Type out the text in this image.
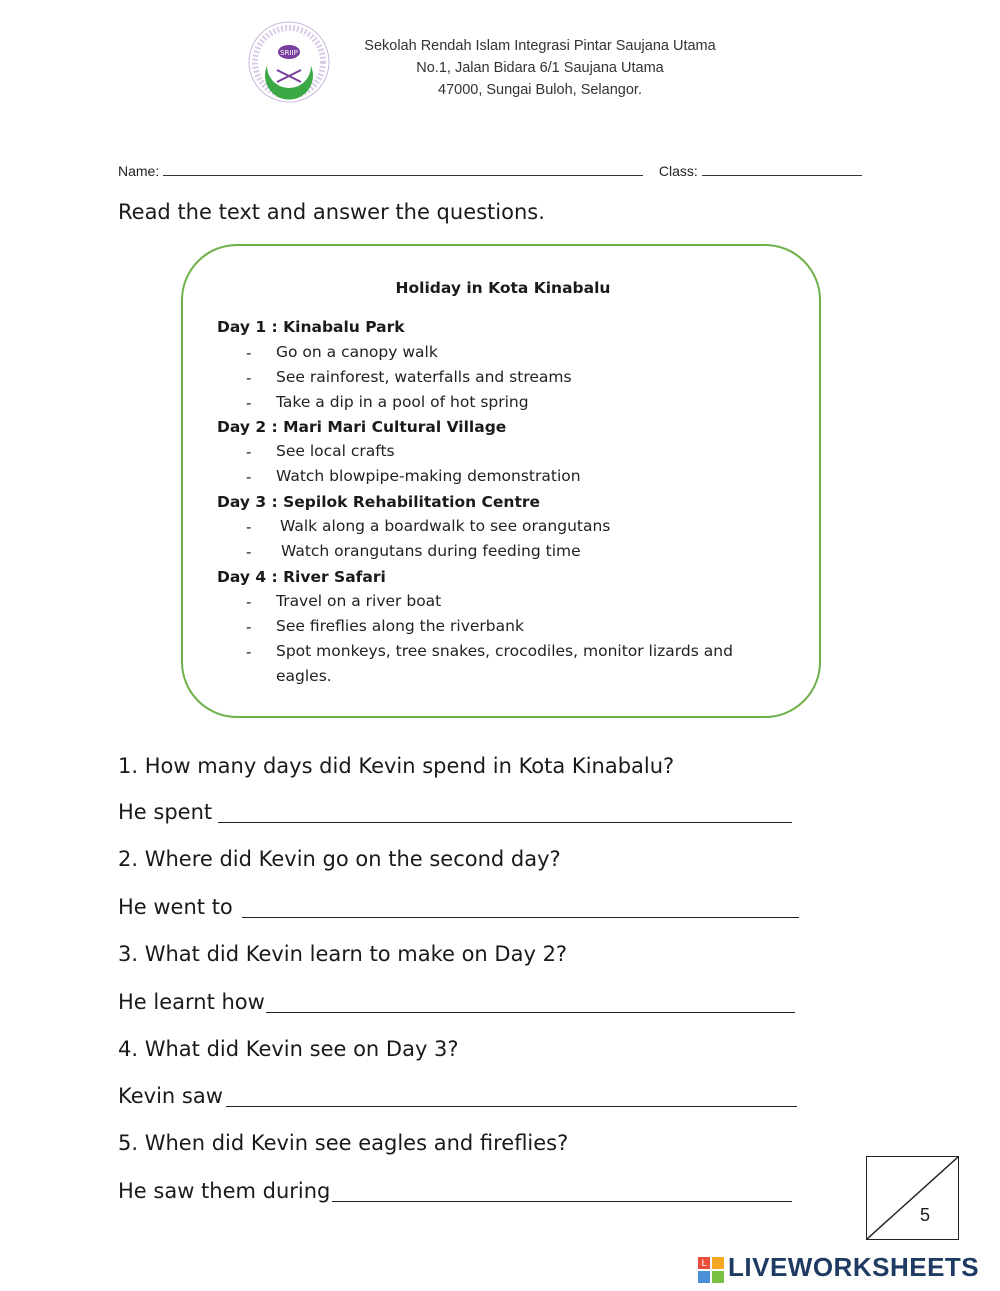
SRIIP	Sekolah Rendah Islam Integrasi Pintar Saujana Utama
No.1, Jalan Bidara 6/1 Saujana Utama
47000, Sungai Buloh, Selangor.
Name:	Class:
Read the text and answer the questions.
Holiday in Kota Kinabalu
Day 1 : Kinabalu Park
- Go on a canopy walk
- See rainforest, waterfalls and streams
- Take a dip in a pool of hot spring
Day 2 : Mari Mari Cultural Village
- See local crafts
- Watch blowpipe-making demonstration
Day 3 : Sepilok Rehabilitation Centre
- Walk along a boardwalk to see orangutans
- Watch orangutans during feeding time
Day 4 : River Safari
- Travel on a river boat
- See fireflies along the riverbank
- Spot monkeys, tree snakes, crocodiles, monitor lizards and
eagles.
1. How many days did Kevin spend in Kota Kinabalu?
He spent
2. Where did Kevin go on the second day?
He went to
3. What did Kevin learn to make on Day 2?
He learnt how
4. What did Kevin see on Day 3?
Kevin saw
5. When did Kevin see eagles and fireflies?
He saw them during
5
L LIVEWORKSHEETS
